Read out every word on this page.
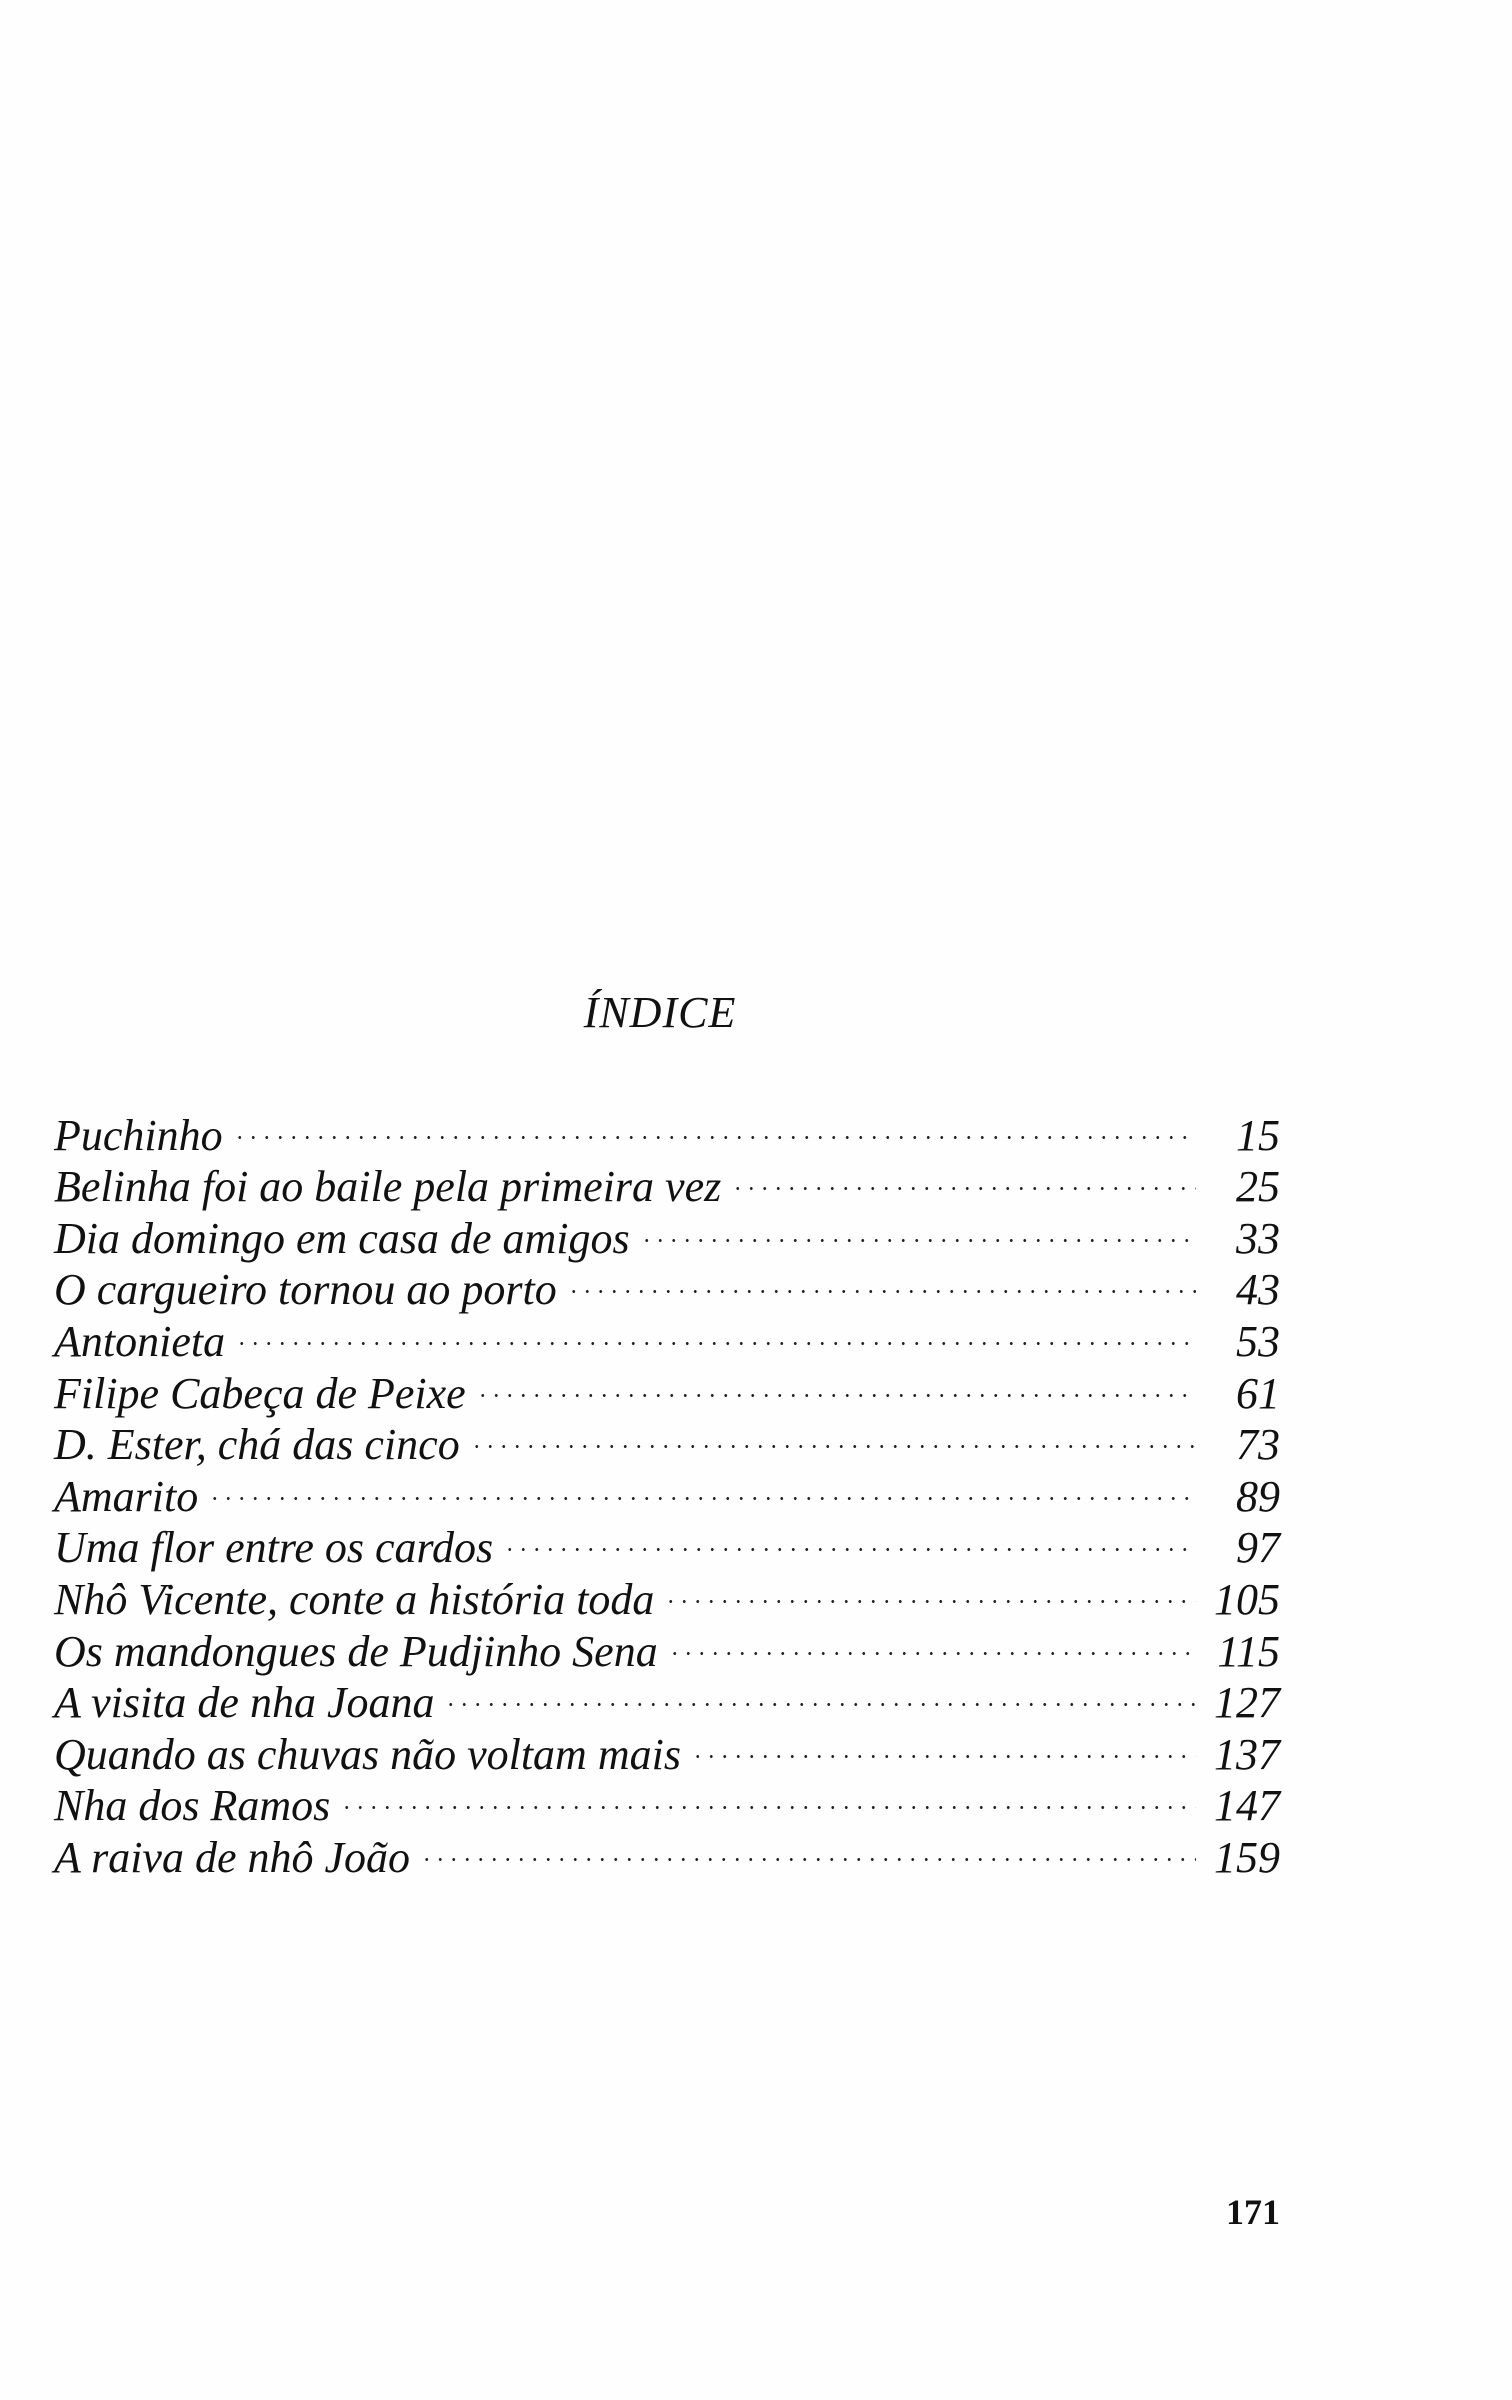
ÍNDICE
Puchinho	15
Belinha foi ao baile pela primeira vez	25
Dia domingo em casa de amigos	33
O cargueiro tornou ao porto	43
Antonieta	53
Filipe Cabeça de Peixe	61
D. Ester, chá das cinco	73
Amarito	89
Uma flor entre os cardos	97
Nhô Vicente, conte a história toda	105
Os mandongues de Pudjinho Sena	115
A visita de nha Joana	127
Quando as chuvas não voltam mais	137
Nha dos Ramos	147
A raiva de nhô João	159
171
